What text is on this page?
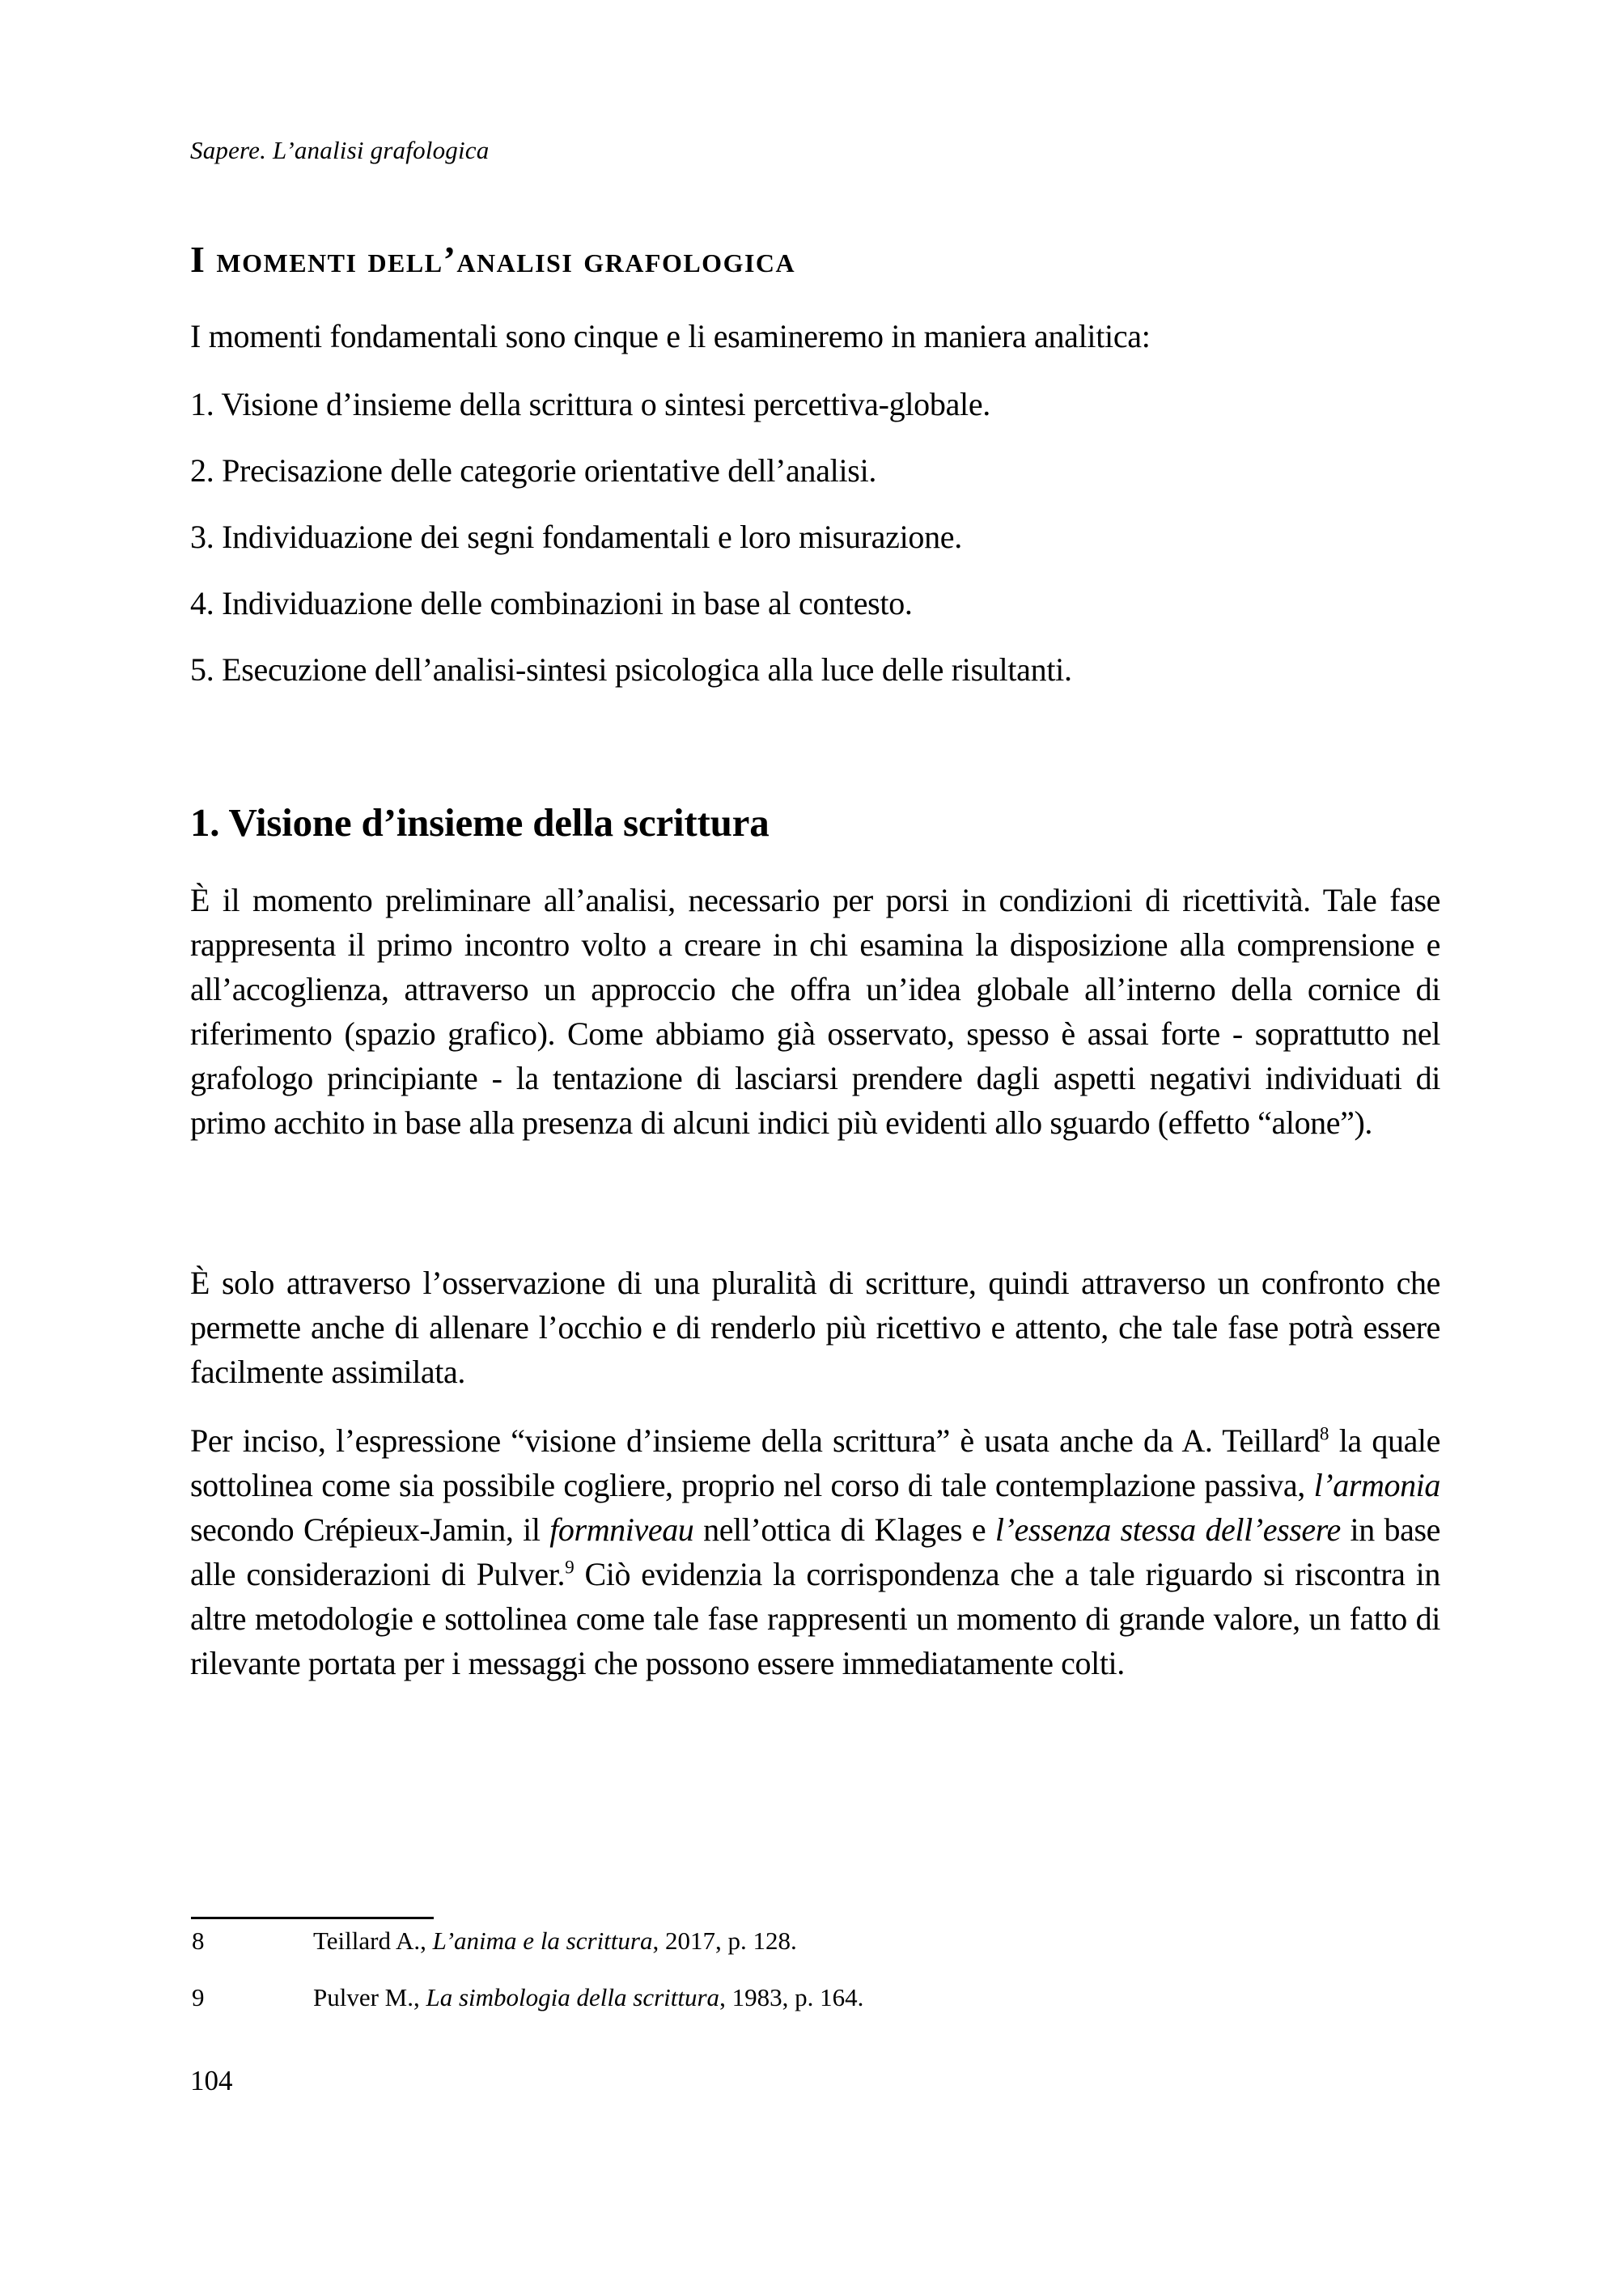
Sapere. L’analisi grafologica
I momenti dell’analisi grafologica
I momenti fondamentali sono cinque e li esamineremo in maniera analitica:
1. Visione d’insieme della scrittura o sintesi percettiva-globale.
2. Precisazione delle categorie orientative dell’analisi.
3. Individuazione dei segni fondamentali e loro misurazione.
4. Individuazione delle combinazioni in base al contesto.
5. Esecuzione dell’analisi-sintesi psicologica alla luce delle risultanti.
1. Visione d’insieme della scrittura

È il momento preliminare all’analisi, necessario per porsi in condizioni di ricettività. Tale fase rappresenta il primo incontro volto a creare in chi esamina la disposizione alla comprensione e all’accoglienza, attraverso un approccio che offra un’idea globale all’interno della cornice di riferimento (spazio grafico). Come abbiamo già osservato, spesso è assai forte - soprattutto nel grafologo principiante - la tentazione di lasciarsi prendere dagli aspetti negativi individuati di primo acchito in base alla presenza di alcuni indici più evidenti allo sguardo (effetto “alone”).

È solo attraverso l’osservazione di una pluralità di scritture, quindi attraverso un confronto che permette anche di allenare l’occhio e di renderlo più ricettivo e attento, che tale fase potrà essere facilmente assimilata.

Per inciso, l’espressione “visione d’insieme della scrittura” è usata anche da A. Teillard$^8$ la quale sottolinea come sia possibile cogliere, proprio nel corso di tale contemplazione passiva, l’armonia secondo Crépieux-Jamin, il formniveau nell’ottica di Klages e l’essenza stessa dell’essere in base alle considerazioni di Pulver.$^9$ Ciò evidenzia la corrispondenza che a tale riguardo si riscontra in altre metodologie e sottolinea come tale fase rappresenti un momento di grande valore, un fatto di rilevante portata per i messaggi che possono essere immediatamente colti.

8	Teillard A., L’anima e la scrittura, 2017, p. 128.
9	Pulver M., La simbologia della scrittura, 1983, p. 164.
104
